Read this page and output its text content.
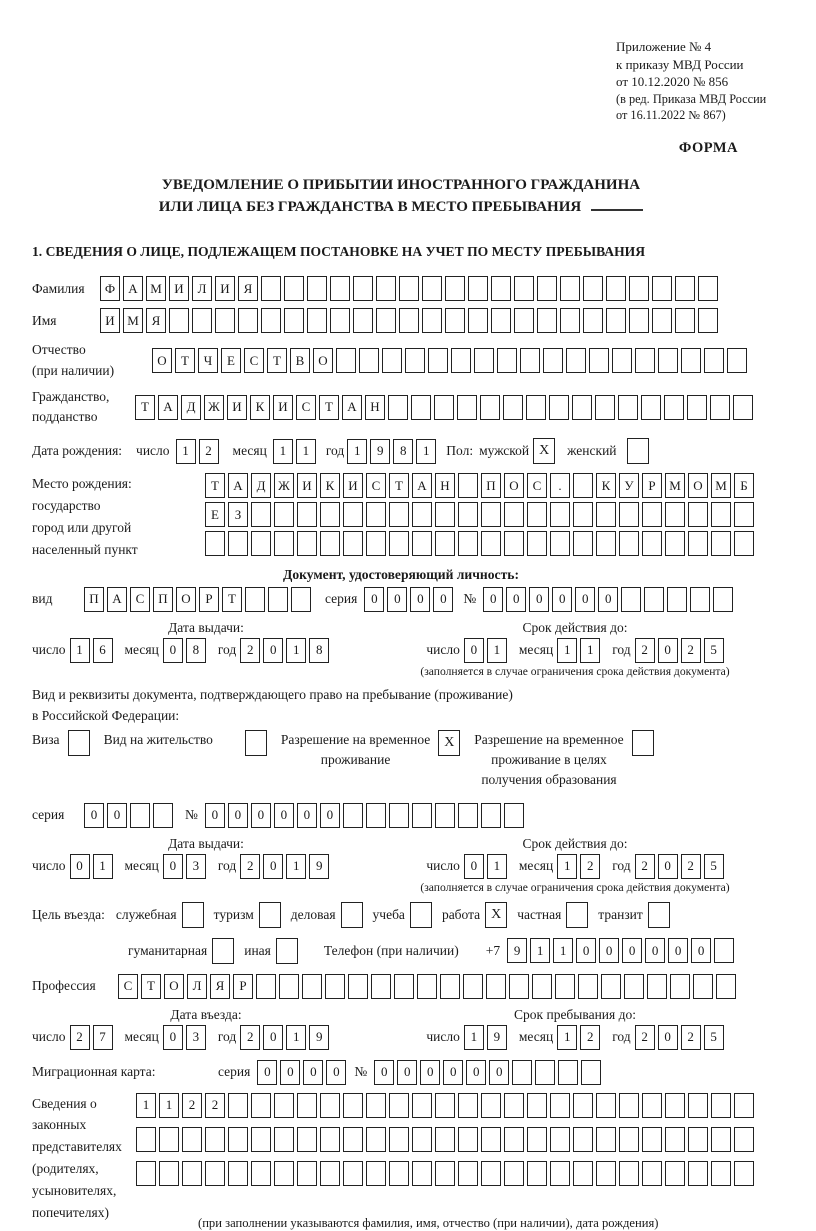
Приложение № 4
к приказу МВД России
от 10.12.2020 № 856
(в ред. Приказа МВД России
от 16.11.2022 № 867)
ФОРМА
УВЕДОМЛЕНИЕ О ПРИБЫТИИ ИНОСТРАННОГО ГРАЖДАНИНА
ИЛИ ЛИЦА БЕЗ ГРАЖДАНСТВА В МЕСТО ПРЕБЫВАНИЯ
1. СВЕДЕНИЯ О ЛИЦЕ, ПОДЛЕЖАЩЕМ ПОСТАНОВКЕ НА УЧЕТ ПО МЕСТУ ПРЕБЫВАНИЯ
Фамилия	Ф	А М И	Л	И	Я
Имя	И М Я
Отчество
(при наличии)
О	Т	Ч	Е	С	Т	В	О
Гражданство,
подданство
Т	А	Д Ж И	К	И	С	Т	А	Н
Дата рождения: число 1	2	месяц 1	1	год 1	9	8	1	Пол: мужской X	женский
Место рождения:
государство
город или другой
населенный пункт
Т	А	Д Ж И	К	И	С	Т	А	Н	П	О	С	.	К	У	Р	М О М	Б
Е	З
Документ, удостоверяющий личность:
вид	П	А	С	П	О	Р	Т	серия	0	0	0	0	№	0	0	0	0	0	0
Дата выдачи:
число 1	6	месяц 0	8	год 2	0	1	8
Срок действия до:
число 0	1	месяц 1	1	год 2	0	2	5
(заполняется в случае ограничения срока действия документа)
Вид и реквизиты документа, подтверждающего право на пребывание (проживание)
в Российской Федерации:
Виза	Вид на жительство	Разрешение на временное
проживание
X	Разрешение на временное
проживание в целях
получения образования
серия	0	0	№	0	0	0	0	0	0
Дата выдачи:
число 0	1	месяц 0	3	год 2	0	1	9
Срок действия до:
число 0	1	месяц 1	2	год 2	0	2	5
(заполняется в случае ограничения срока действия документа)
Цель въезда: служебная	туризм	деловая	учеба	работа X	частная	транзит
гуманитарная	иная	Телефон (при наличии) +7	9	1	1	0	0	0	0	0	0
Профессия	С	Т	О	Л	Я	Р
Дата въезда:
число 2	7	месяц 0	3	год 2	0	1	9
Срок пребывания до:
число 1	9	месяц 1	2	год 2	0	2	5
Миграционная карта:	серия	0	0	0	0	№	0	0	0	0	0	0
Сведения о
законных
представителях
(родителях,
усыновителях,
попечителях)
1	1	2	2
(при заполнении указываются фамилия, имя, отчество (при наличии), дата рождения)
